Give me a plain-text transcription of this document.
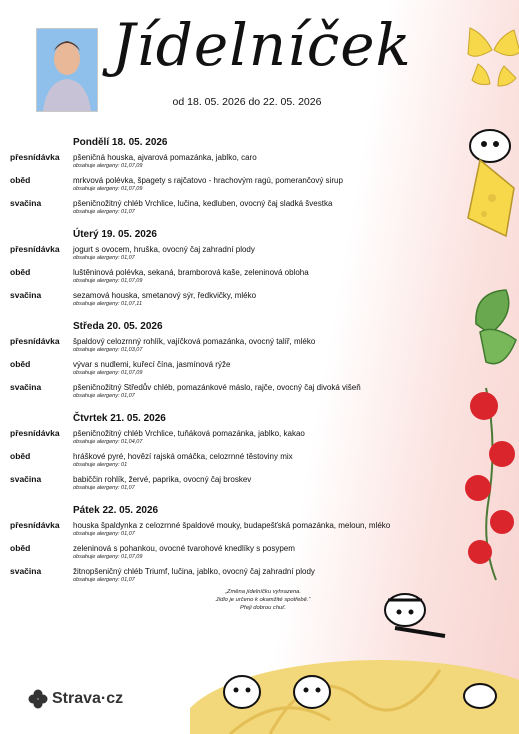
Jídelníček
od 18. 05. 2026 do 22. 05. 2026
Pondělí 18. 05. 2026
přesnídávka	pšeničná houska, ajvarová pomazánka, jablko, caro
obsahuje alergeny: 01,07,09
oběd	mrkvová polévka, špagety s rajčatovo - hrachovým ragú, pomerančový sirup
obsahuje alergeny: 01,07,09
svačina	pšeničnožitný chléb Vrchlice, lučina, kedluben, ovocný čaj sladká švestka
obsahuje alergeny: 01,07
Úterý 19. 05. 2026
přesnídávka	jogurt s ovocem, hruška, ovocný čaj zahradní plody
obsahuje alergeny: 01,07
oběd	luštěninová polévka, sekaná, bramborová kaše, zeleninová obloha
obsahuje alergeny: 01,07,09
svačina	sezamová houska, smetanový sýr, ředkvičky, mléko
obsahuje alergeny: 01,07,11
Středa 20. 05. 2026
přesnídávka	špaldový celozrnný rohlík, vajíčková pomazánka, ovocný talíř, mléko
obsahuje alergeny: 01,03,07
oběd	vývar s nudlemi, kuřecí čína, jasmínová rýže
obsahuje alergeny: 01,07,09
svačina	pšeničnožitný Středův chléb, pomazánkové máslo, rajče, ovocný čaj divoká višeň
obsahuje alergeny: 01,07
Čtvrtek 21. 05. 2026
přesnídávka	pšeničnožitný chléb Vrchlice, tuňáková pomazánka, jablko, kakao
obsahuje alergeny: 01,04,07
oběd	hráškové pyré, hovězí rajská omáčka, celozrnné těstoviny mix
obsahuje alergeny: 01
svačina	babiččin rohlík, žervé, paprika, ovocný čaj broskev
obsahuje alergeny: 01,07
Pátek 22. 05. 2026
přesnídávka	houska špaldynka z celozrnné špaldové mouky, budapešťská pomazánka, meloun, mléko
obsahuje alergeny: 01,07
oběd	zeleninová s pohankou, ovocné tvarohové knedlíky s posypem
obsahuje alergeny: 01,07,09
svačina	žitnopšeničný chléb Triumf, lučina, jablko, ovocný čaj zahradní plody
obsahuje alergeny: 01,07
„Změna jídelníčku vyhrazena.
Jídlo je určeno k okamžité spotřebě.“
Přeji dobrou chuť.
Strava·cz
